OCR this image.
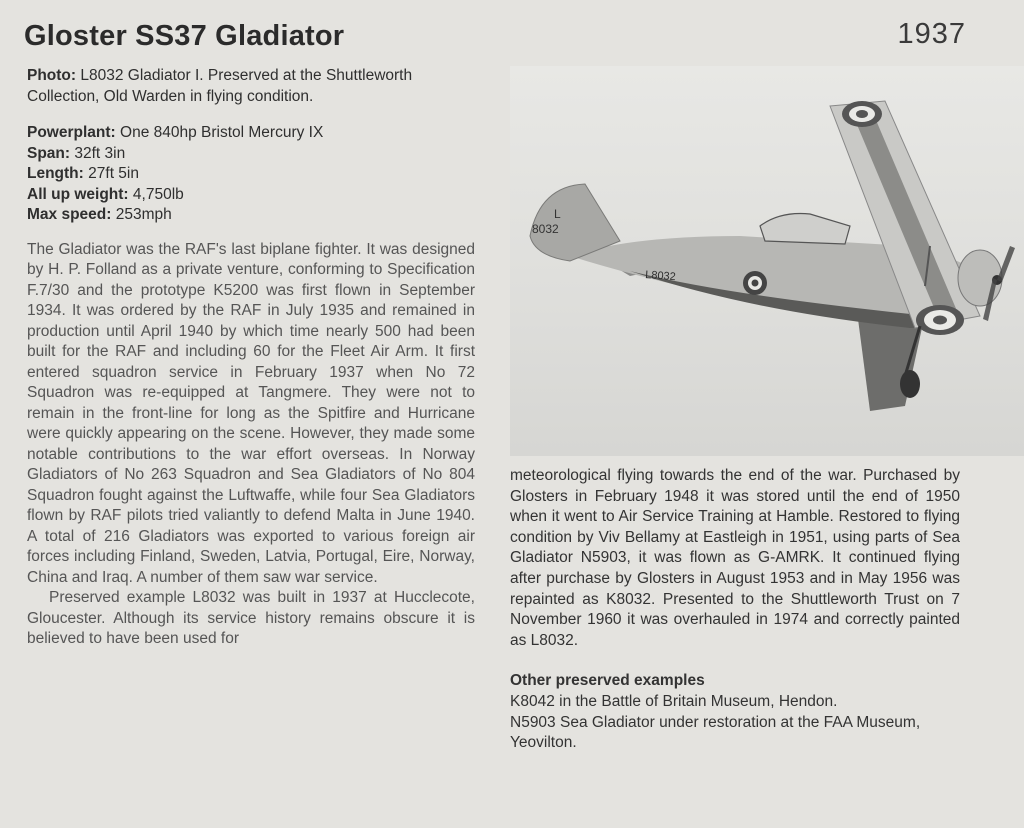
Gloster SS37 Gladiator	1937

Photo: L8032 Gladiator I. Preserved at the Shuttleworth Collection, Old Warden in flying condition.

Powerplant: One 840hp Bristol Mercury IX

Span: 32ft 3in

Length: 27ft 5in

All up weight: 4,750lb

Max speed: 253mph

The Gladiator was the RAF's last biplane fighter. It was designed by H. P. Folland as a private venture, conforming to Specification F.7/30 and the prototype K5200 was first flown in September 1934. It was ordered by the RAF in July 1935 and remained in production until April 1940 by which time nearly 500 had been built for the RAF and including 60 for the Fleet Air Arm. It first entered squadron service in February 1937 when No 72 Squadron was re-equipped at Tangmere. They were not to remain in the front-line for long as the Spitfire and Hurricane were quickly appearing on the scene. However, they made some notable contributions to the war effort overseas. In Norway Gladiators of No 263 Squadron and Sea Gladiators of No 804 Squadron fought against the Luftwaffe, while four Sea Gladiators flown by RAF pilots tried valiantly to defend Malta in June 1940. A total of 216 Gladiators was exported to various foreign air forces including Finland, Sweden, Latvia, Portugal, Eire, Norway, China and Iraq. A number of them saw war service.

Preserved example L8032 was built in 1937 at Hucclecote, Gloucester. Although its service history remains obscure it is believed to have been used for

L
8032
L8032

meteorological flying towards the end of the war. Purchased by Glosters in February 1948 it was stored until the end of 1950 when it went to Air Service Training at Hamble. Restored to flying condition by Viv Bellamy at Eastleigh in 1951, using parts of Sea Gladiator N5903, it was flown as G-AMRK. It continued flying after purchase by Glosters in August 1953 and in May 1956 was repainted as K8032. Presented to the Shuttleworth Trust on 7 November 1960 it was overhauled in 1974 and correctly painted as L8032.

Other preserved examples

K8042 in the Battle of Britain Museum, Hendon.

N5903 Sea Gladiator under restoration at the FAA Museum, Yeovilton.
